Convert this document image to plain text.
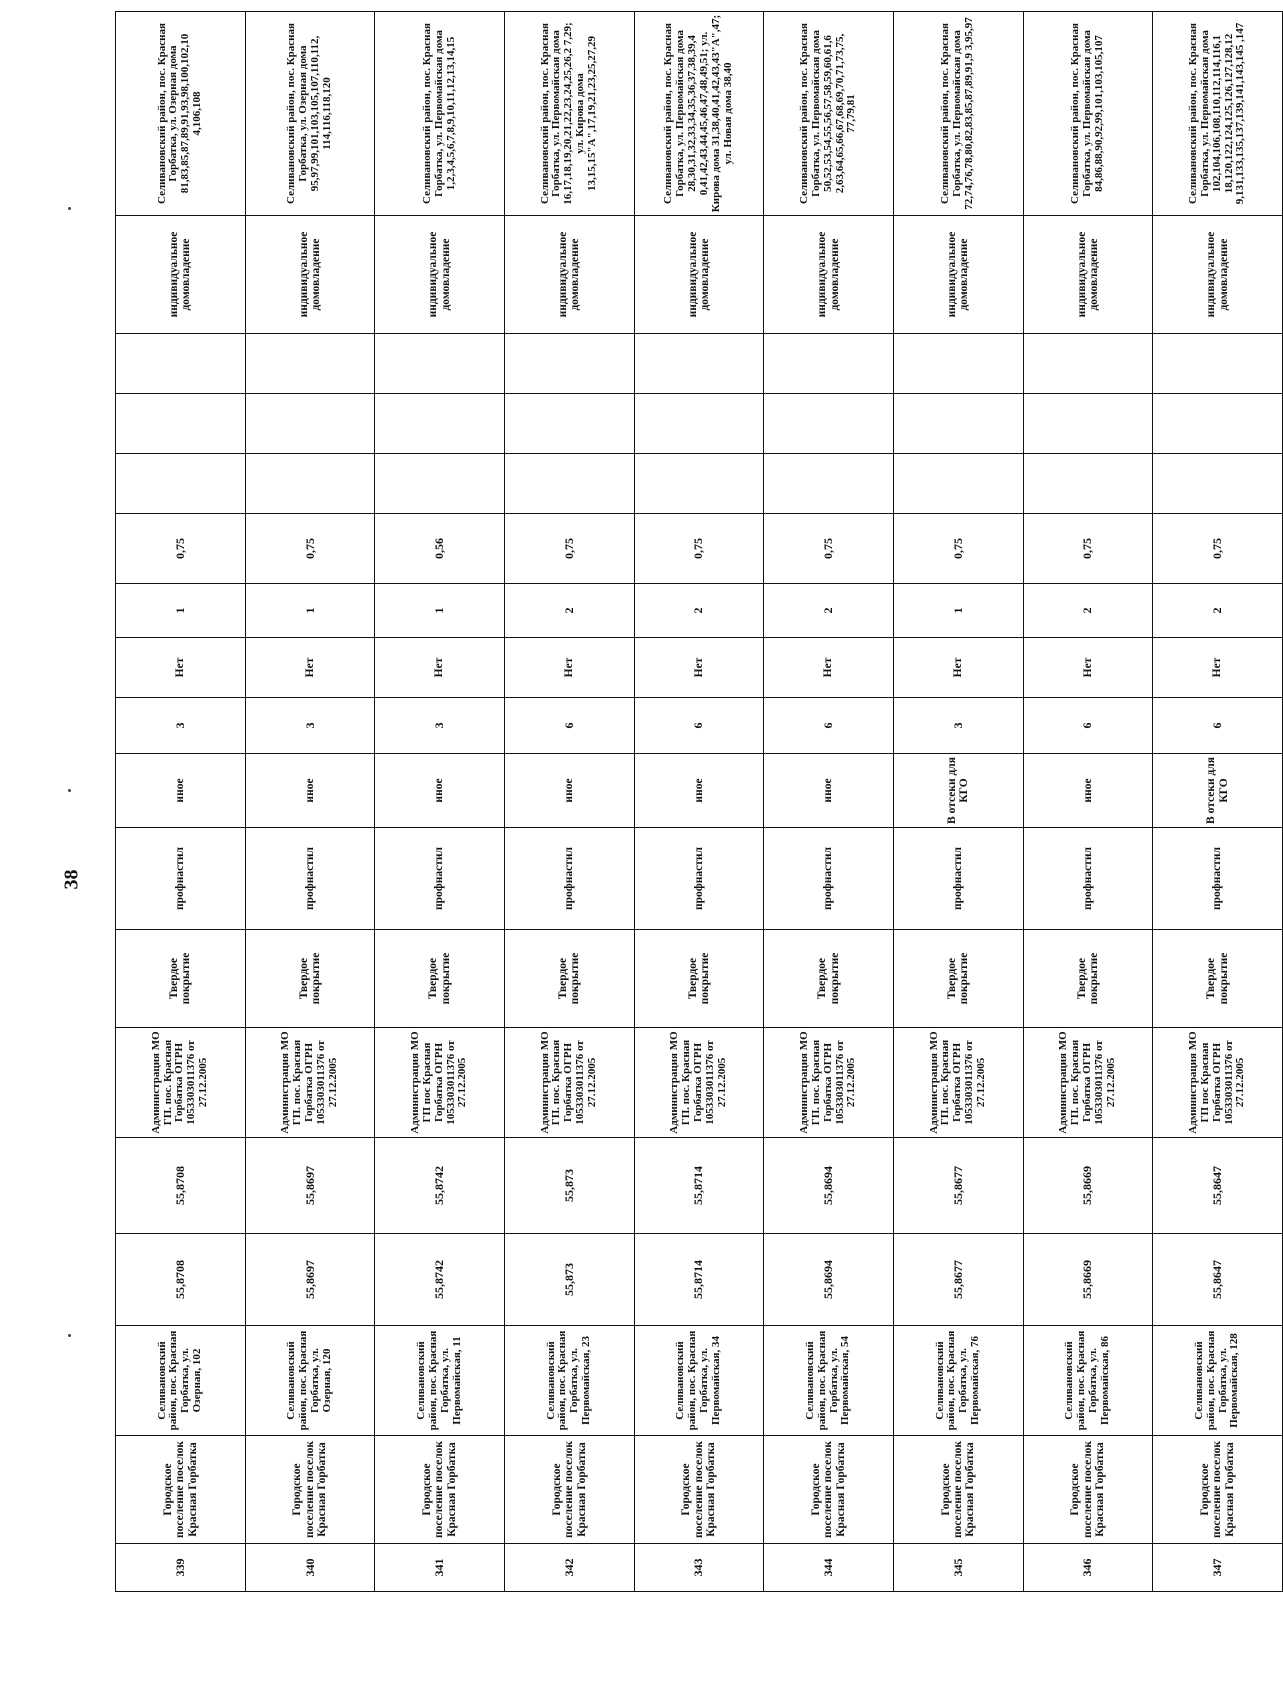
38
339	Городское поселение поселок Красная Горбатка	Селивановский район, пос. Красная Горбатка, ул. Озерная, 102	55,8708	55,8708	Администрация МО ГП. пос. Красная Горбатка ОГРН 1053303011376 от 27.12.2005	Твердое покрытие	профнастил	иное	3	Нет	1	0,75				индивидуальное домовладение	Селивановский район, пос. Красная Горбатка, ул. Озерная дома 81,83,85,87,89,91,93,98,100,102,10 4,106,108
340	Городское поселение поселок Красная Горбатка	Селивановский район, пос. Красная Горбатка, ул. Озерная, 120	55,8697	55,8697	Администрация МО ГП. пос. Красная Горбатка ОГРН 1053303011376 от 27.12.2005	Твердое покрытие	профнастил	иное	3	Нет	1	0,75				индивидуальное домовладение	Селивановский район, пос. Красная Горбатка, ул. Озерная дома 95,97,99,101,103,105,107,110,112, 114,116,118,120
341	Городское поселение поселок Красная Горбатка	Селивановский район, пос. Красная Горбатка, ул. Первомайская, 11	55,8742	55,8742	Администрация МО ГП пос Красная Горбатка ОГРН 1053303011376 от 27.12.2005	Твердое покрытие	профнастил	иное	3	Нет	1	0,56				индивидуальное домовладение	Селивановский район, пос. Красная Горбатка, ул. Первомайская дома 1,2,3,4,5,6,7,8,9,10,11,12,13,14,15
342	Городское поселение поселок Красная Горбатка	Селивановский район, пос. Красная Горбатка, ул. Первомайская, 23	55,873	55,873	Администрация МО ГП. пос. Красная Горбатка ОГРН 1053303011376 от 27.12.2005	Твердое покрытие	профнастил	иное	6	Нет	2	0,75				индивидуальное домовладение	Селивановский район, пос. Красная Горбатка, ул. Первомайская дома 16,17,18,19,20,21,22,23,24,25,26,2 7,29; ул. Кирова дома 13,15,15"А",17,19,21,23,25,27,29
343	Городское поселение поселок Красная Горбатка	Селивановский район, пос. Красная Горбатка, ул. Первомайская, 34	55,8714	55,8714	Администрация МО ГП. пос. Красная Горбатка ОГРН 1053303011376 от 27.12.2005	Твердое покрытие	профнастил	иное	6	Нет	2	0,75				индивидуальное домовладение	Селивановский район, пос. Красная Горбатка, ул. Первомайская дома 28,30,31,32,33,34,35,36,37,38,39,4 0,41,42,43,44,45,46,47,48,49,51; ул. Кирова дома 31,38,40,41,42,43,43"А",47; ул. Новая дома 38,40
344	Городское поселение поселок Красная Горбатка	Селивановский район, пос. Красная Горбатка, ул. Первомайская, 54	55,8694	55,8694	Администрация МО ГП. пос. Красная Горбатка ОГРН 1053303011376 от 27.12.2005	Твердое покрытие	профнастил	иное	6	Нет	2	0,75				индивидуальное домовладение	Селивановский район, пос. Красная Горбатка, ул. Первомайская дома 50,52,53,54,55,56,57,58,59,60,61,6 2,63,64,65,66,67,68,69,70,71,73,75, 77,79,81
345	Городское поселение поселок Красная Горбатка	Селивановский район, пос. Красная Горбатка, ул. Первомайская, 76	55,8677	55,8677	Администрация МО ГП. пос. Красная Горбатка ОГРН 1053303011376 от 27.12.2005	Твердое покрытие	профнастил	В отсеки для КГО	3	Нет	1	0,75				индивидуальное домовладение	Селивановский район, пос. Красная Горбатка, ул. Первомайская дома 72,74,76,78,80,82,83,85,87,89,91,9 3,95,97
346	Городское поселение поселок Красная Горбатка	Селивановский район, пос. Красная Горбатка, ул. Первомайская, 86	55,8669	55,8669	Администрация МО ГП. пос. Красная Горбатка ОГРН 1053303011376 от 27.12.2005	Твердое покрытие	профнастил	иное	6	Нет	2	0,75				индивидуальное домовладение	Селивановский район, пос. Красная Горбатка, ул. Первомайская дома 84,86,88,90,92,99,101,103,105,107
347	Городское поселение поселок Красная Горбатка	Селивановский район, пос. Красная Горбатка, ул. Первомайская, 128	55,8647	55,8647	Администрация МО ГП пос Красная Горбатка ОГРН 1053303011376 от 27.12.2005	Твердое покрытие	профнастил	В отсеки для КГО	6	Нет	2	0,75				индивидуальное домовладение	Селивановский район, пос. Красная Горбатка, ул. Первомайская дома 102,104,106,108,110,112,114,116,1 18,120,122,124,125,126,127,128,12 9,131,133,135,137,139,141,143,145 ,147
